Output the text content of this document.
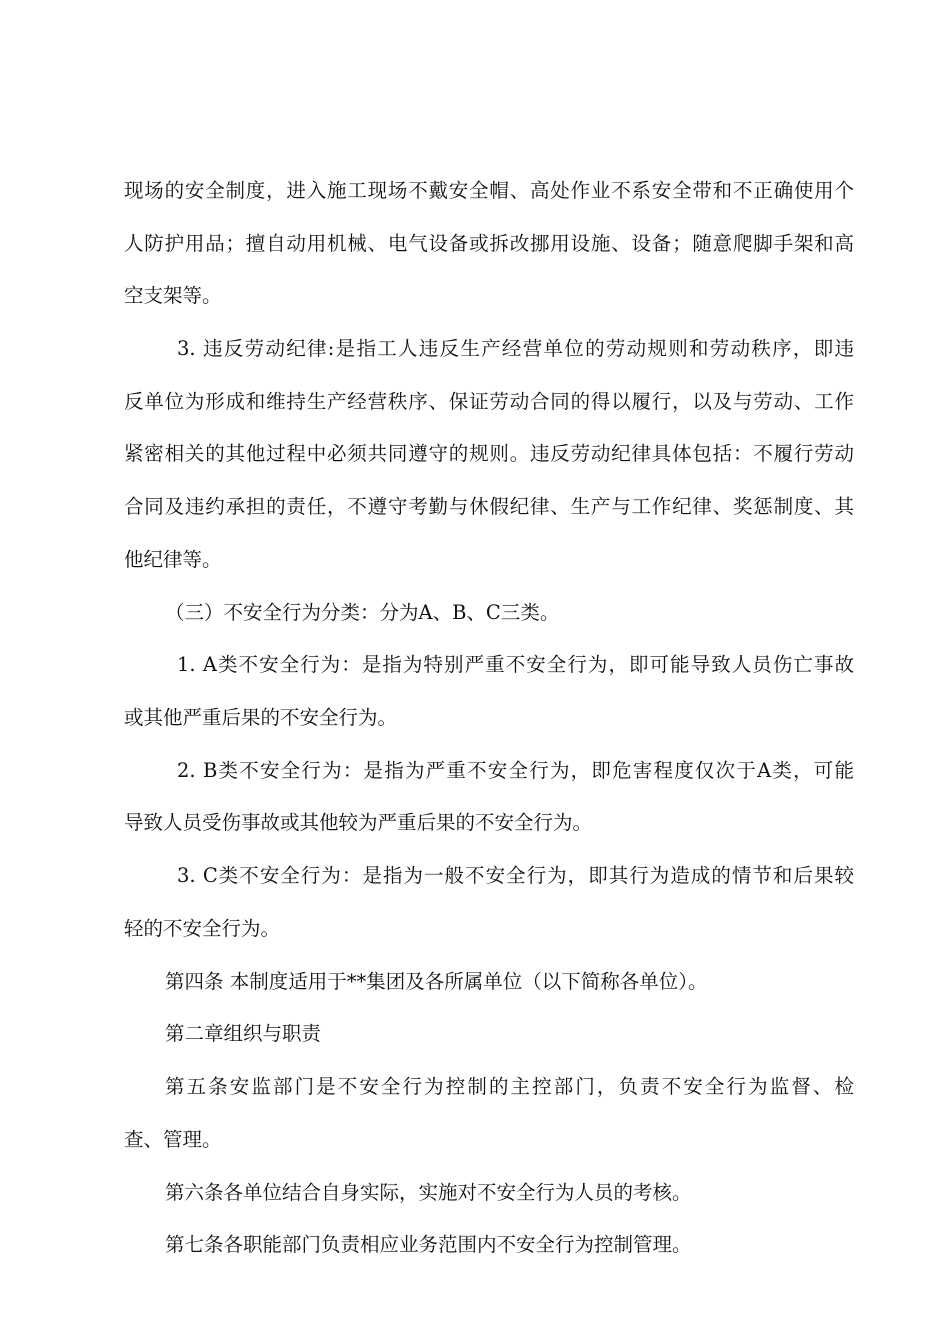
现场的安全制度，进入施工现场不戴安全帽、高处作业不系安全带和不正确使用个
人防护用品；擅自动用机械、电气设备或拆改挪用设施、设备；随意爬脚手架和高
空支架等。
3. 违反劳动纪律:是指工人违反生产经营单位的劳动规则和劳动秩序，即违
反单位为形成和维持生产经营秩序、保证劳动合同的得以履行，以及与劳动、工作
紧密相关的其他过程中必须共同遵守的规则。违反劳动纪律具体包括：不履行劳动
合同及违约承担的责任，不遵守考勤与休假纪律、生产与工作纪律、奖惩制度、其
他纪律等。
（三）不安全行为分类：分为A、B、C三类。
1. A类不安全行为：是指为特别严重不安全行为，即可能导致人员伤亡事故
或其他严重后果的不安全行为。
2. B类不安全行为：是指为严重不安全行为，即危害程度仅次于A类，可能
导致人员受伤事故或其他较为严重后果的不安全行为。
3. C类不安全行为：是指为一般不安全行为，即其行为造成的情节和后果较
轻的不安全行为。
第四条 本制度适用于**集团及各所属单位（以下简称各单位）。
第二章组织与职责
第五条安监部门是不安全行为控制的主控部门，负责不安全行为监督、检
查、管理。
第六条各单位结合自身实际，实施对不安全行为人员的考核。
第七条各职能部门负责相应业务范围内不安全行为控制管理。
